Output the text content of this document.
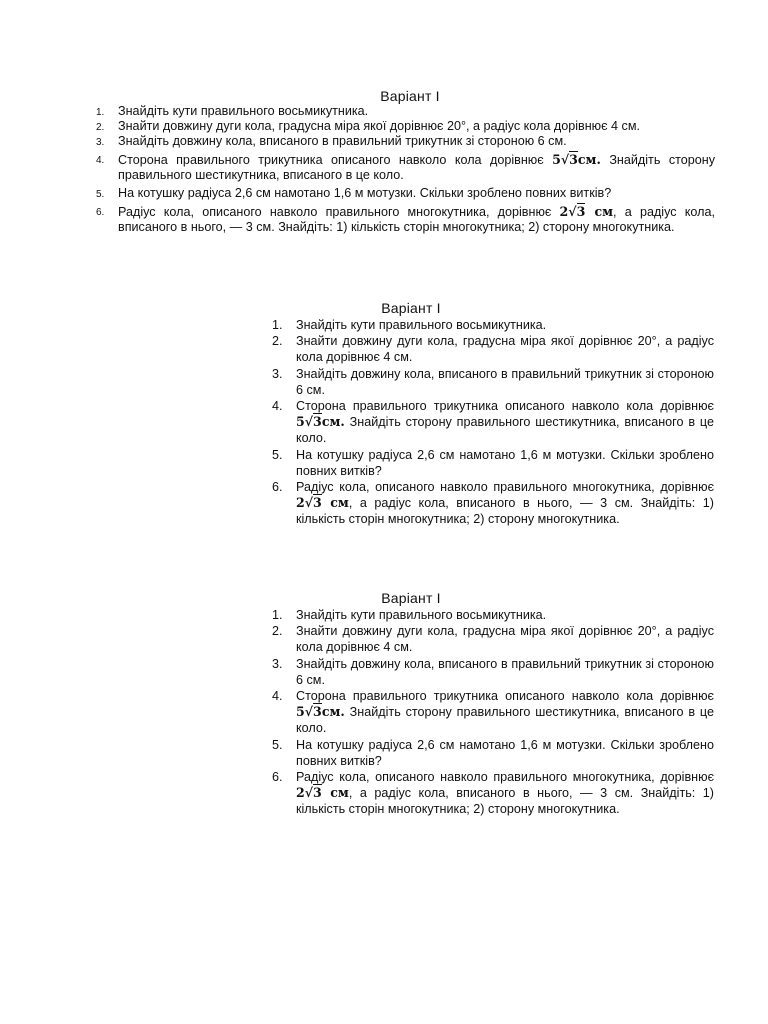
Варіант І
1. Знайдіть кути правильного восьмикутника.
2. Знайти довжину дуги кола, градусна міра якої дорівнює 20°, а радіус кола дорівнює 4 см.
3. Знайдіть довжину кола, вписаного в правильний трикутник зі стороною 6 см.
4. Сторона правильного трикутника описаного навколо кола дорівнює 5√3см. Знайдіть сторону правильного шестикутника, вписаного в це коло.
5. На котушку радіуса 2,6 см намотано 1,6 м мотузки. Скільки зроблено повних витків?
6. Радіус кола, описаного навколо правильного многокутника, дорівнює 2√3 см, а радіус кола, вписаного в нього, — 3 см. Знайдіть: 1) кількість сторін многокутника; 2) сторону многокутника.
Варіант І
1. Знайдіть кути правильного восьмикутника.
2. Знайти довжину дуги кола, градусна міра якої дорівнює 20°, а радіус кола дорівнює 4 см.
3. Знайдіть довжину кола, вписаного в правильний трикутник зі стороною 6 см.
4. Сторона правильного трикутника описаного навколо кола дорівнює 5√3см. Знайдіть сторону правильного шестикутника, вписаного в це коло.
5. На котушку радіуса 2,6 см намотано 1,6 м мотузки. Скільки зроблено повних витків?
6. Радіус кола, описаного навколо правильного многокутника, дорівнює 2√3 см, а радіус кола, вписаного в нього, — 3 см. Знайдіть: 1) кількість сторін многокутника; 2) сторону многокутника.
Варіант І
1. Знайдіть кути правильного восьмикутника.
2. Знайти довжину дуги кола, градусна міра якої дорівнює 20°, а радіус кола дорівнює 4 см.
3. Знайдіть довжину кола, вписаного в правильний трикутник зі стороною 6 см.
4. Сторона правильного трикутника описаного навколо кола дорівнює 5√3см. Знайдіть сторону правильного шестикутника, вписаного в це коло.
5. На котушку радіуса 2,6 см намотано 1,6 м мотузки. Скільки зроблено повних витків?
6. Радіус кола, описаного навколо правильного многокутника, дорівнює 2√3 см, а радіус кола, вписаного в нього, — 3 см. Знайдіть: 1) кількість сторін многокутника; 2) сторону многокутника.
